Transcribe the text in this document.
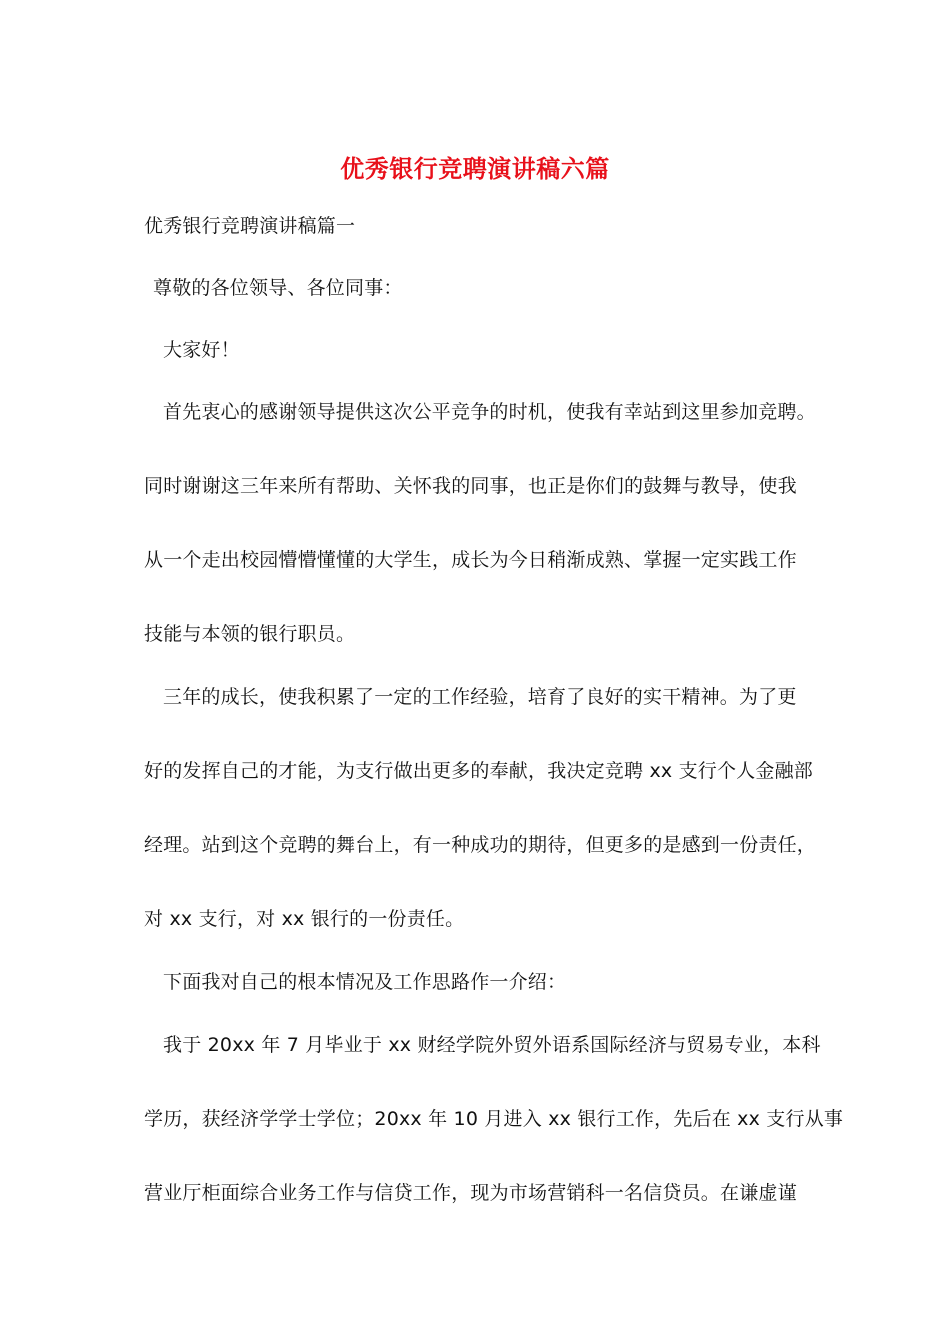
优秀银行竞聘演讲稿六篇
优秀银行竞聘演讲稿篇一
尊敬的各位领导、各位同事：
大家好！
首先衷心的感谢领导提供这次公平竞争的时机，使我有幸站到这里参加竞聘。
同时谢谢这三年来所有帮助、关怀我的同事，也正是你们的鼓舞与教导，使我
从一个走出校园懵懵懂懂的大学生，成长为今日稍渐成熟、掌握一定实践工作
技能与本领的银行职员。
三年的成长，使我积累了一定的工作经验，培育了良好的实干精神。为了更
好的发挥自己的才能，为支行做出更多的奉献，我决定竞聘 xx 支行个人金融部
经理。站到这个竞聘的舞台上，有一种成功的期待，但更多的是感到一份责任，
对 xx 支行，对 xx 银行的一份责任。
下面我对自己的根本情况及工作思路作一介绍：
我于 20xx 年 7 月毕业于 xx 财经学院外贸外语系国际经济与贸易专业，本科
学历，获经济学学士学位；20xx 年 10 月进入 xx 银行工作，先后在 xx 支行从事
营业厅柜面综合业务工作与信贷工作，现为市场营销科一名信贷员。在谦虚谨
